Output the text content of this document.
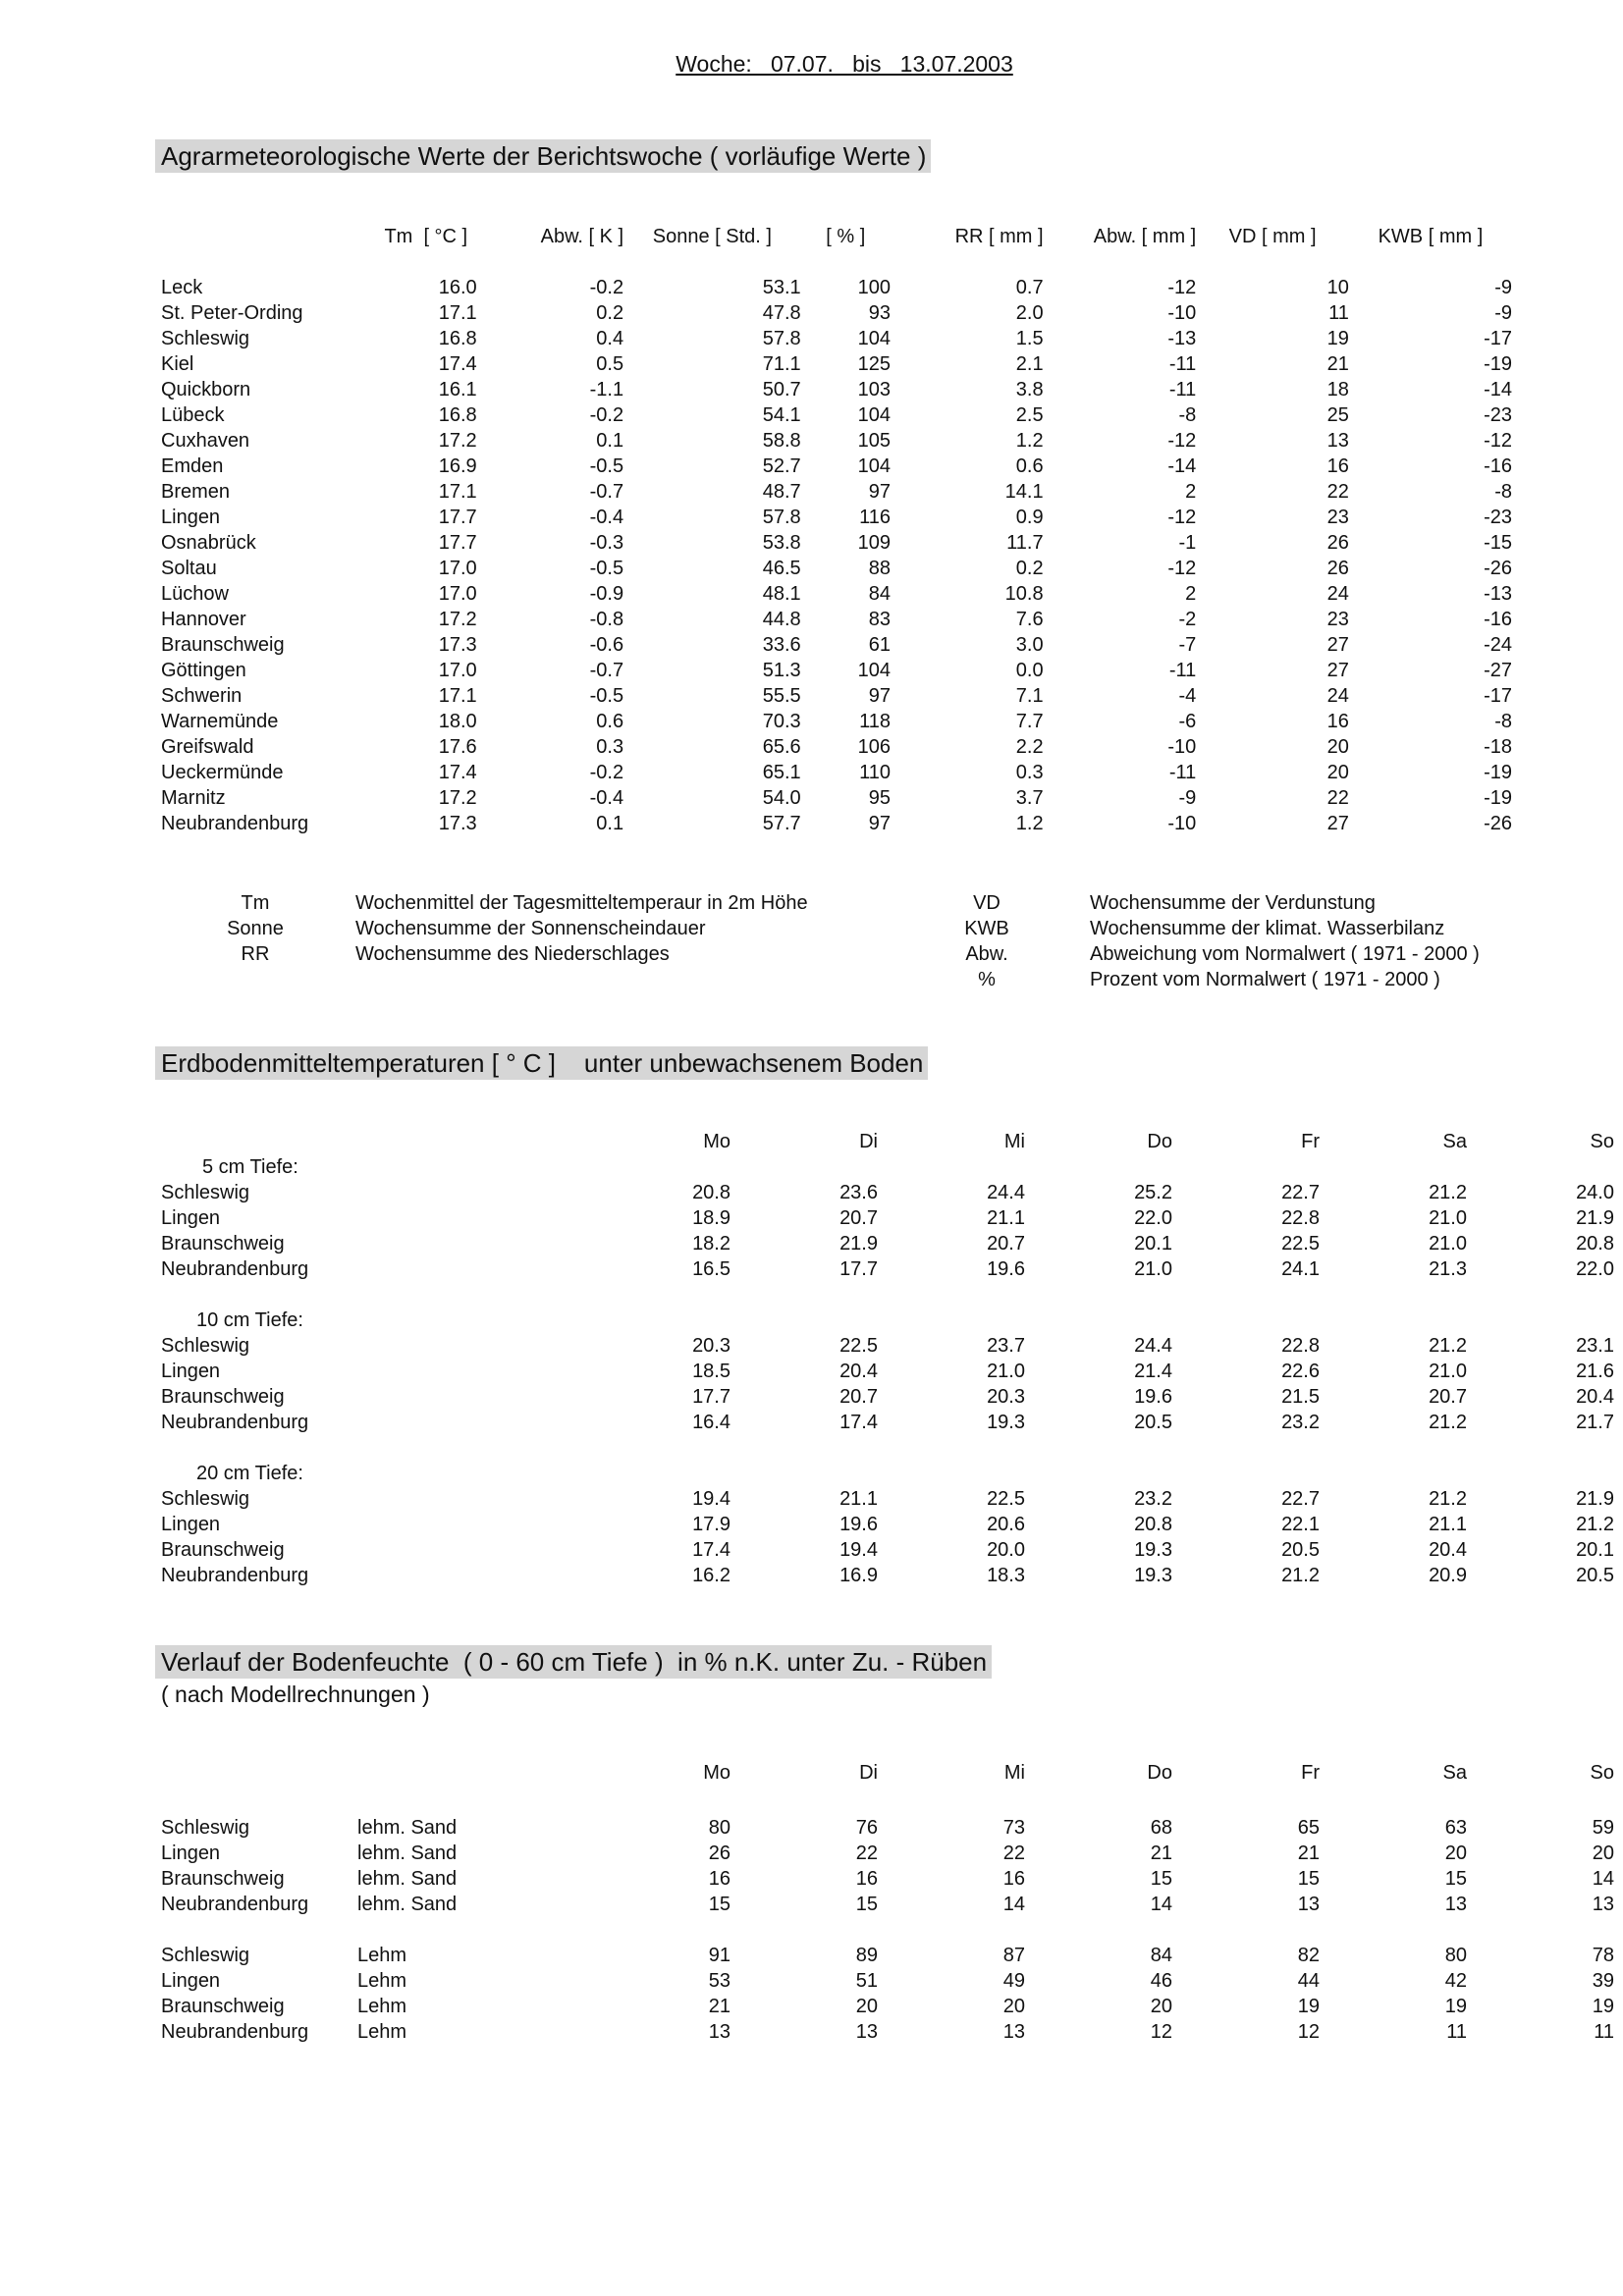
Woche:   07.07.   bis   13.07.2003
Agrarmeteorologische Werte der Berichtswoche ( vorläufige Werte )
	Tm  [ °C ]	Abw. [ K ]	Sonne [ Std. ]	[ % ]	RR [ mm ]	Abw. [ mm ]	VD [ mm ]	KWB [ mm ]

Leck	16.0	-0.2	53.1	100	0.7	-12	10	-9
St. Peter-Ording	17.1	0.2	47.8	93	2.0	-10	11	-9
Schleswig	16.8	0.4	57.8	104	1.5	-13	19	-17
Kiel	17.4	0.5	71.1	125	2.1	-11	21	-19
Quickborn	16.1	-1.1	50.7	103	3.8	-11	18	-14
Lübeck	16.8	-0.2	54.1	104	2.5	-8	25	-23
Cuxhaven	17.2	0.1	58.8	105	1.2	-12	13	-12
Emden	16.9	-0.5	52.7	104	0.6	-14	16	-16
Bremen	17.1	-0.7	48.7	97	14.1	2	22	-8
Lingen	17.7	-0.4	57.8	116	0.9	-12	23	-23
Osnabrück	17.7	-0.3	53.8	109	11.7	-1	26	-15
Soltau	17.0	-0.5	46.5	88	0.2	-12	26	-26
Lüchow	17.0	-0.9	48.1	84	10.8	2	24	-13
Hannover	17.2	-0.8	44.8	83	7.6	-2	23	-16
Braunschweig	17.3	-0.6	33.6	61	3.0	-7	27	-24
Göttingen	17.0	-0.7	51.3	104	0.0	-11	27	-27
Schwerin	17.1	-0.5	55.5	97	7.1	-4	24	-17
Warnemünde	18.0	0.6	70.3	118	7.7	-6	16	-8
Greifswald	17.6	0.3	65.6	106	2.2	-10	20	-18
Ueckermünde	17.4	-0.2	65.1	110	0.3	-11	20	-19
Marnitz	17.2	-0.4	54.0	95	3.7	-9	22	-19
Neubrandenburg	17.3	0.1	57.7	97	1.2	-10	27	-26
Tm	Wochenmittel der Tagesmitteltemperaur in 2m Höhe
Sonne	Wochensumme der Sonnenscheindauer
RR	Wochensumme des Niederschlages
VD	Wochensumme der Verdunstung
KWB	Wochensumme der klimat. Wasserbilanz
Abw.	Abweichung vom Normalwert ( 1971 - 2000 )
%	Prozent vom Normalwert ( 1971 - 2000 )
Erdbodenmitteltemperaturen [ ° C ]    unter unbewachsenem Boden
	Mo	Di	Mi	Do	Fr	Sa	So
5 cm Tiefe:							
Schleswig	20.8	23.6	24.4	25.2	22.7	21.2	24.0
Lingen	18.9	20.7	21.1	22.0	22.8	21.0	21.9
Braunschweig	18.2	21.9	20.7	20.1	22.5	21.0	20.8
Neubrandenburg	16.5	17.7	19.6	21.0	24.1	21.3	22.0

10 cm Tiefe:							
Schleswig	20.3	22.5	23.7	24.4	22.8	21.2	23.1
Lingen	18.5	20.4	21.0	21.4	22.6	21.0	21.6
Braunschweig	17.7	20.7	20.3	19.6	21.5	20.7	20.4
Neubrandenburg	16.4	17.4	19.3	20.5	23.2	21.2	21.7

20 cm Tiefe:							
Schleswig	19.4	21.1	22.5	23.2	22.7	21.2	21.9
Lingen	17.9	19.6	20.6	20.8	22.1	21.1	21.2
Braunschweig	17.4	19.4	20.0	19.3	20.5	20.4	20.1
Neubrandenburg	16.2	16.9	18.3	19.3	21.2	20.9	20.5
Verlauf der Bodenfeuchte  ( 0 - 60 cm Tiefe )  in % n.K. unter Zu. - Rüben
( nach Modellrechnungen )
		Mo	Di	Mi	Do	Fr	Sa	So

Schleswig	lehm. Sand	80	76	73	68	65	63	59
Lingen	lehm. Sand	26	22	22	21	21	20	20
Braunschweig	lehm. Sand	16	16	16	15	15	15	14
Neubrandenburg	lehm. Sand	15	15	14	14	13	13	13

Schleswig	Lehm	91	89	87	84	82	80	78
Lingen	Lehm	53	51	49	46	44	42	39
Braunschweig	Lehm	21	20	20	20	19	19	19
Neubrandenburg	Lehm	13	13	13	12	12	11	11
